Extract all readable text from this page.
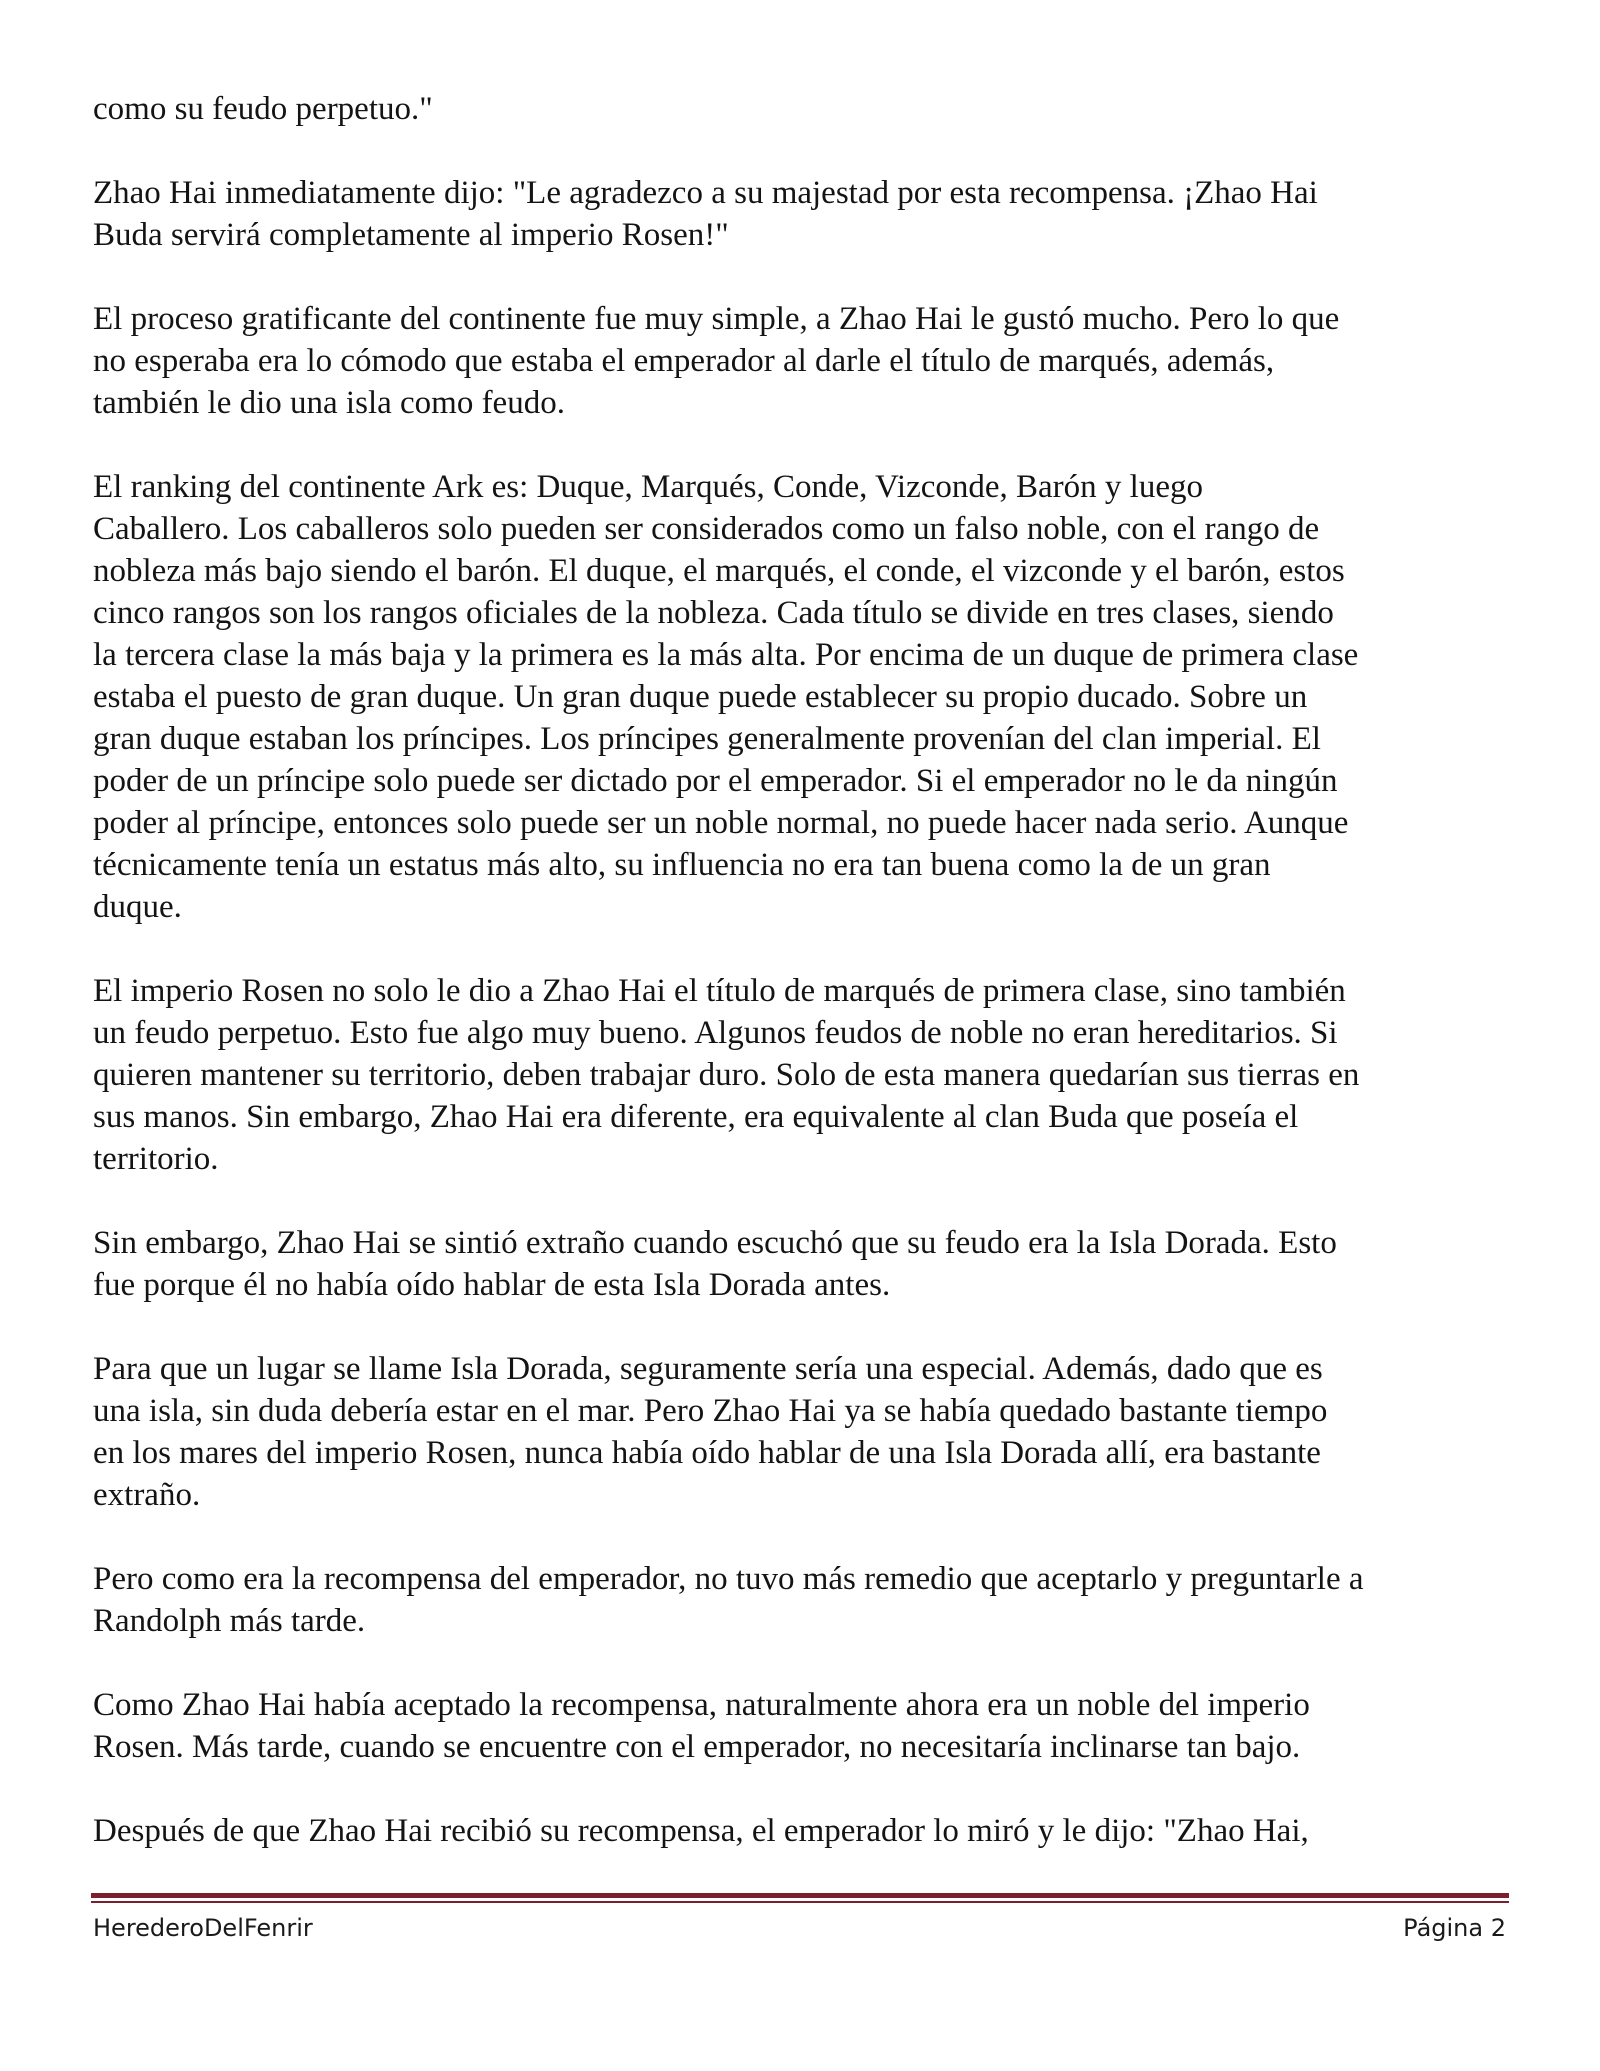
como su feudo perpetuo."

Zhao Hai inmediatamente dijo: "Le agradezco a su majestad por esta recompensa. ¡Zhao Hai
Buda servirá completamente al imperio Rosen!"

El proceso gratificante del continente fue muy simple, a Zhao Hai le gustó mucho. Pero lo que
no esperaba era lo cómodo que estaba el emperador al darle el título de marqués, además,
también le dio una isla como feudo.

El ranking del continente Ark es: Duque, Marqués, Conde, Vizconde, Barón y luego
Caballero. Los caballeros solo pueden ser considerados como un falso noble, con el rango de
nobleza más bajo siendo el barón. El duque, el marqués, el conde, el vizconde y el barón, estos
cinco rangos son los rangos oficiales de la nobleza. Cada título se divide en tres clases, siendo
la tercera clase la más baja y la primera es la más alta. Por encima de un duque de primera clase
estaba el puesto de gran duque. Un gran duque puede establecer su propio ducado. Sobre un
gran duque estaban los príncipes. Los príncipes generalmente provenían del clan imperial. El
poder de un príncipe solo puede ser dictado por el emperador. Si el emperador no le da ningún
poder al príncipe, entonces solo puede ser un noble normal, no puede hacer nada serio. Aunque
técnicamente tenía un estatus más alto, su influencia no era tan buena como la de un gran
duque.

El imperio Rosen no solo le dio a Zhao Hai el título de marqués de primera clase, sino también
un feudo perpetuo. Esto fue algo muy bueno. Algunos feudos de noble no eran hereditarios. Si
quieren mantener su territorio, deben trabajar duro. Solo de esta manera quedarían sus tierras en
sus manos. Sin embargo, Zhao Hai era diferente, era equivalente al clan Buda que poseía el
territorio.

Sin embargo, Zhao Hai se sintió extraño cuando escuchó que su feudo era la Isla Dorada. Esto
fue porque él no había oído hablar de esta Isla Dorada antes.

Para que un lugar se llame Isla Dorada, seguramente sería una especial. Además, dado que es
una isla, sin duda debería estar en el mar. Pero Zhao Hai ya se había quedado bastante tiempo
en los mares del imperio Rosen, nunca había oído hablar de una Isla Dorada allí, era bastante
extraño.

Pero como era la recompensa del emperador, no tuvo más remedio que aceptarlo y preguntarle a
Randolph más tarde.

Como Zhao Hai había aceptado la recompensa, naturalmente ahora era un noble del imperio
Rosen. Más tarde, cuando se encuentre con el emperador, no necesitaría inclinarse tan bajo.

Después de que Zhao Hai recibió su recompensa, el emperador lo miró y le dijo: "Zhao Hai,

HerederoDelFenrir	Página 2
